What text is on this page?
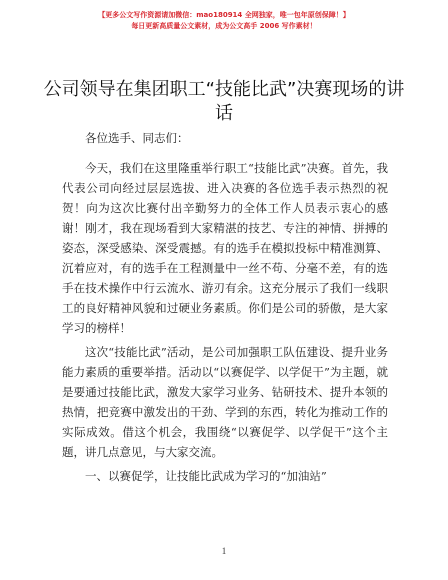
【更多公文写作资源请加微信：mao180914 全网独家，唯一包年原创保障！】
每日更新高质量公文素材，成为公文高手 2006 写作素材！
公司领导在集团职工“技能比武”决赛现场的讲话

各位选手、同志们：

今天，我们在这里隆重举行职工“技能比武”决赛。首先，我代表公司向经过层层选拔、进入决赛的各位选手表示热烈的祝贺！向为这次比赛付出辛勤努力的全体工作人员表示衷心的感谢！刚才，我在现场看到大家精湛的技艺、专注的神情、拼搏的姿态，深受感染、深受震撼。有的选手在模拟投标中精准测算、沉着应对，有的选手在工程测量中一丝不苟、分毫不差，有的选手在技术操作中行云流水、游刃有余。这充分展示了我们一线职工的良好精神风貌和过硬业务素质。你们是公司的骄傲，是大家学习的榜样！

这次“技能比武”活动，是公司加强职工队伍建设、提升业务能力素质的重要举措。活动以“以赛促学、以学促干”为主题，就是要通过技能比武，激发大家学习业务、钻研技术、提升本领的热情，把竞赛中激发出的干劲、学到的东西，转化为推动工作的实际成效。借这个机会，我围绕“以赛促学、以学促干”这个主题，讲几点意见，与大家交流。

一、以赛促学，让技能比武成为学习的“加油站”

1
